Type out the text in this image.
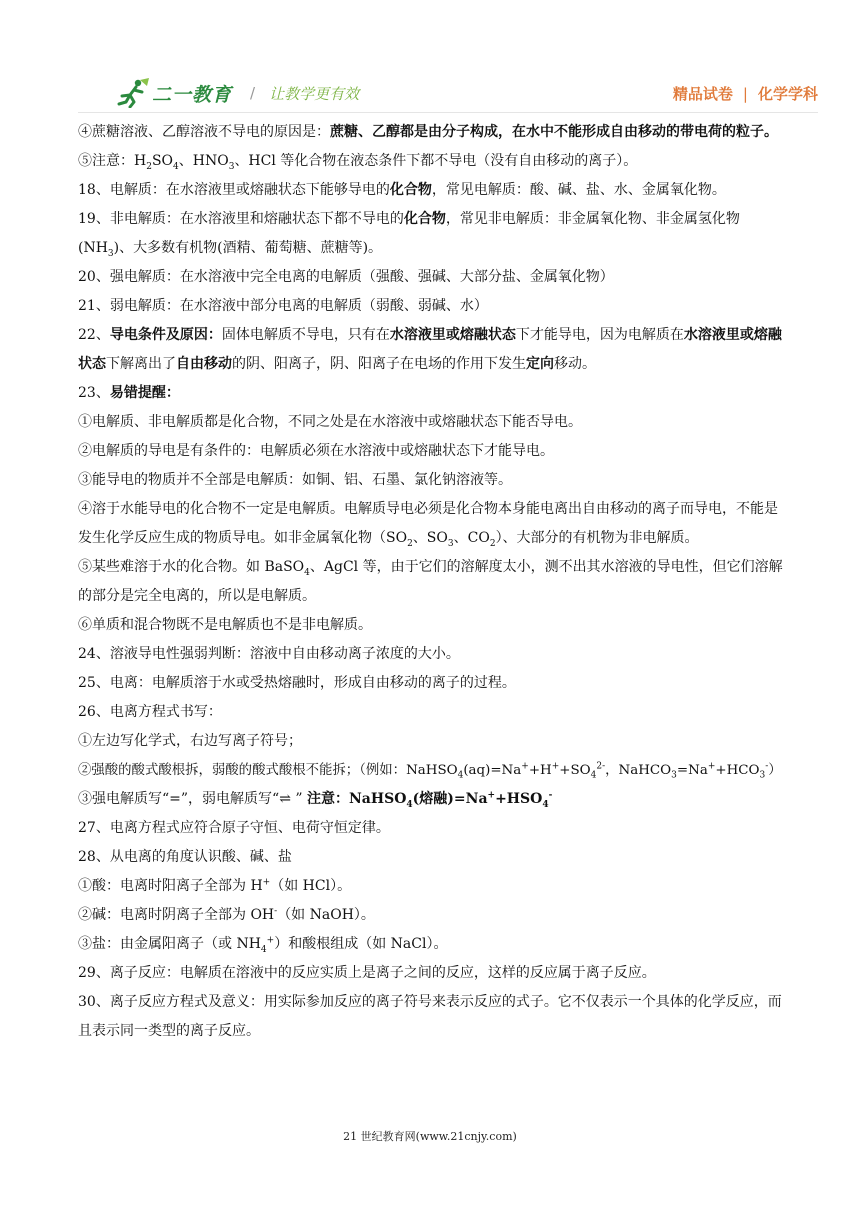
二一教育 / 让教学更有效	精品试卷 | 化学学科

④蔗糖溶液、乙醇溶液不导电的原因是：蔗糖、乙醇都是由分子构成，在水中不能形成自由移动的带电荷的粒子。

⑤注意：$H_2SO_4$、$HNO_3$、HCl 等化合物在液态条件下都不导电（没有自由移动的离子）。

18、电解质：在水溶液里或熔融状态下能够导电的化合物，常见电解质：酸、碱、盐、水、金属氧化物。

19、非电解质：在水溶液里和熔融状态下都不导电的化合物，常见非电解质：非金属氧化物、非金属氢化物$(NH_3)$、大多数有机物(酒精、葡萄糖、蔗糖等)。

20、强电解质：在水溶液中完全电离的电解质（强酸、强碱、大部分盐、金属氧化物）

21、弱电解质：在水溶液中部分电离的电解质（弱酸、弱碱、水）

22、导电条件及原因：固体电解质不导电，只有在水溶液里或熔融状态下才能导电，因为电解质在水溶液里或熔融状态下解离出了自由移动的阴、阳离子，阴、阳离子在电场的作用下发生定向移动。

23、易错提醒：

①电解质、非电解质都是化合物，不同之处是在水溶液中或熔融状态下能否导电。

②电解质的导电是有条件的：电解质必须在水溶液中或熔融状态下才能导电。

③能导电的物质并不全部是电解质：如铜、铝、石墨、氯化钠溶液等。

④溶于水能导电的化合物不一定是电解质。电解质导电必须是化合物本身能电离出自由移动的离子而导电，不能是发生化学反应生成的物质导电。如非金属氧化物（$SO_2$、$SO_3$、$CO_2$）、大部分的有机物为非电解质。

⑤某些难溶于水的化合物。如 BaSO$_4$、AgCl 等，由于它们的溶解度太小，测不出其水溶液的导电性，但它们溶解的部分是完全电离的，所以是电解质。

⑥单质和混合物既不是电解质也不是非电解质。

24、溶液导电性强弱判断：溶液中自由移动离子浓度的大小。

25、电离：电解质溶于水或受热熔融时，形成自由移动的离子的过程。

26、电离方程式书写：

①左边写化学式，右边写离子符号；

②强酸的酸式酸根拆，弱酸的酸式酸根不能拆；（例如：$NaHSO_4(aq)=Na^++H^++SO_4^{2-}$，$NaHCO_3=Na^++HCO_3^-$）

③强电解质写“=”，弱电解质写“⇌ ” 注意：NaHSO$_4$(熔融)$=Na^++HSO_4^-$

27、电离方程式应符合原子守恒、电荷守恒定律。

28、从电离的角度认识酸、碱、盐

①酸：电离时阳离子全部为 H+（如 HCl）。

②碱：电离时阴离子全部为 OH-（如 NaOH）。

③盐：由金属阳离子（或 $NH_4^+$）和酸根组成（如 NaCl）。

29、离子反应：电解质在溶液中的反应实质上是离子之间的反应，这样的反应属于离子反应。

30、离子反应方程式及意义：用实际参加反应的离子符号来表示反应的式子。它不仅表示一个具体的化学反应，而且表示同一类型的离子反应。

21 世纪教育网(www.21cnjy.com)
